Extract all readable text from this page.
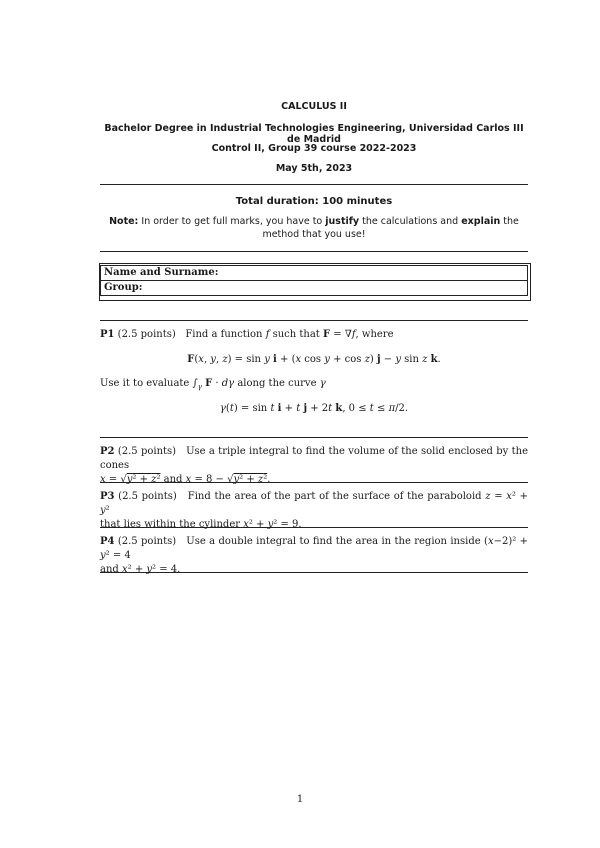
CALCULUS II
Bachelor Degree in Industrial Technologies Engineering, Universidad Carlos III de Madrid
Control II, Group 39 course 2022-2023
May 5th, 2023
Total duration: 100 minutes
Note: In order to get full marks, you have to justify the calculations and explain the
method that you use!
Name and Surname:
Group:
P1 (2.5 points) Find a function f such that F = ∇f, where
F(x, y, z) = sin y i + (x cos y + cos z) j − y sin z k.
Use it to evaluate $\int_\gamma$ F · dγ along the curve γ
γ(t) = sin t i + t j + 2t k, 0 ≤ t ≤ π/2.
P2 (2.5 points) Use a triple integral to find the volume of the solid enclosed by the cones
x = √y² + z² and x = 8 − √y² + z².
P3 (2.5 points) Find the area of the part of the surface of the paraboloid z = x² + y²
that lies within the cylinder x² + y² = 9.
P4 (2.5 points) Use a double integral to find the area in the region inside (x−2)² + y² = 4
and x² + y² = 4.
1
